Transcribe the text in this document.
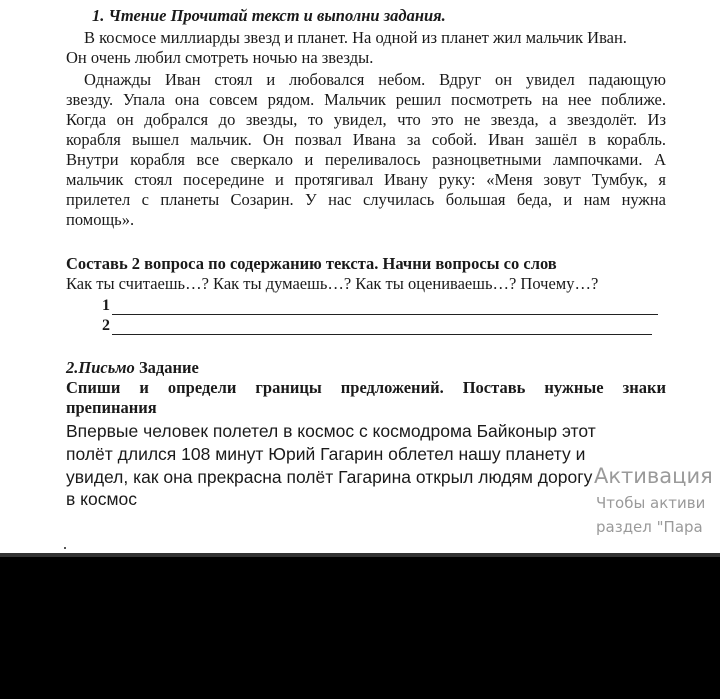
1. Чтение Прочитай текст и выполни задания.
В космосе миллиарды звезд и планет. На одной из планет жил мальчик Иван.
Он очень любил смотреть ночью на звезды.
Однажды Иван стоял и любовался небом. Вдруг он увидел падающую
звезду. Упала она совсем рядом. Мальчик решил посмотреть на нее поближе.
Когда он добрался до звезды, то увидел, что это не звезда, а звездолёт. Из
корабля вышел мальчик. Он позвал Ивана за собой. Иван зашёл в корабль.
Внутри корабля все сверкало и переливалось разноцветными лампочками. А
мальчик стоял посередине и протягивал Ивану руку: «Меня зовут Тумбук, я
прилетел с планеты Созарин. У нас случилась большая беда, и нам нужна
помощь».
Составь 2 вопроса по содержанию текста. Начни вопросы со слов
Как ты считаешь…? Как ты думаешь…? Как ты оцениваешь…? Почему…?
1
2
2.Письмо Задание
Спиши и определи границы предложений. Поставь нужные знаки
препинания
Впервые человек полетел в космос с космодрома Байконыр этот
полёт длился 108 минут Юрий Гагарин облетел нашу планету и
увидел, как она прекрасна полёт Гагарина открыл людям дорогу
в космос
Активация
Чтобы активи
раздел "Пара
